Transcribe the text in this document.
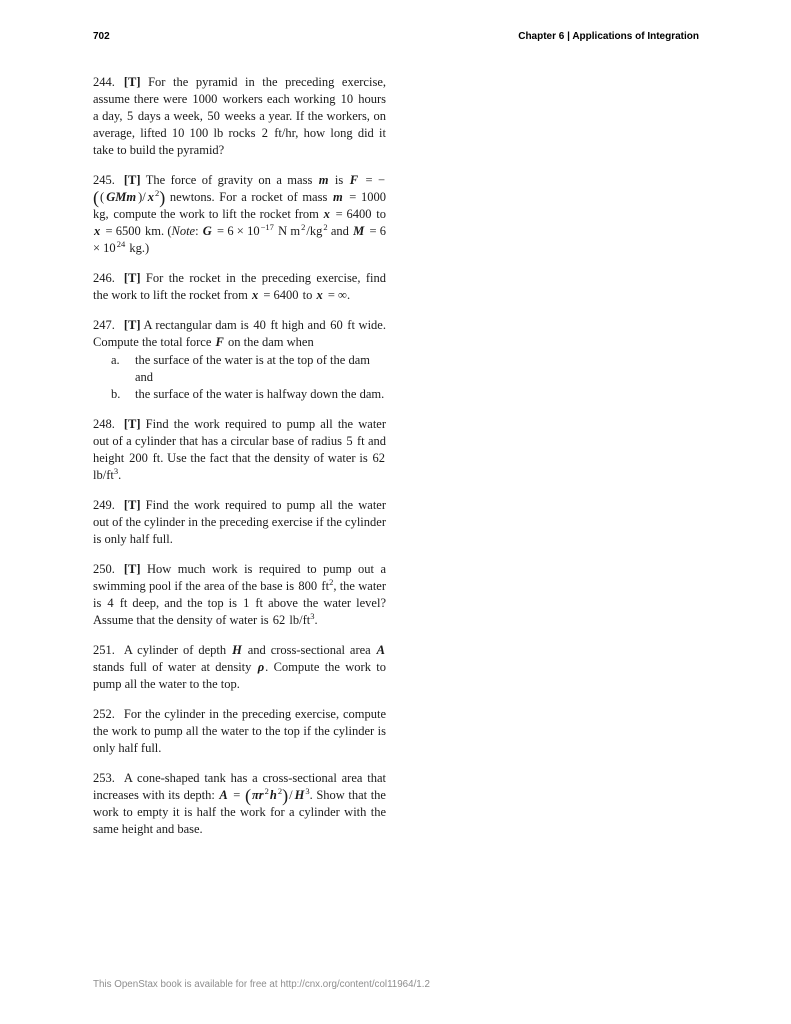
702	Chapter 6 | Applications of Integration

244. [T] For the pyramid in the preceding exercise, assume there were 1000 workers each working 10 hours a day, 5 days a week, 50 weeks a year. If the workers, on average, lifted 10 100 lb rocks 2 ft/hr, how long did it take to build the pyramid?

245. [T] The force of gravity on a mass m is F = −(( GMm )/ $x^2$) newtons. For a rocket of mass m = 1000 kg, compute the work to lift the rocket from x = 6400 to x = 6500 km. (Note: $G = 6 \times 10^{-17}$ N $m^2/kg^2$ and $M = 6 \times 10^{24}$ kg.)

246. [T] For the rocket in the preceding exercise, find the work to lift the rocket from x = 6400 to x = ∞.

247. [T] A rectangular dam is 40 ft high and 60 ft wide. Compute the total force F on the dam when

a.	the surface of the water is at the top of the dam and
b.	the surface of the water is halfway down the dam.

248. [T] Find the work required to pump all the water out of a cylinder that has a circular base of radius 5 ft and height 200 ft. Use the fact that the density of water is 62 $lb/ft^3$.

249. [T] Find the work required to pump all the water out of the cylinder in the preceding exercise if the cylinder is only half full.

250. [T] How much work is required to pump out a swimming pool if the area of the base is 800 $ft^2$, the water is 4 ft deep, and the top is 1 ft above the water level? Assume that the density of water is 62 $lb/ft^3$.

251. A cylinder of depth H and cross-sectional area A stands full of water at density ρ. Compute the work to pump all the water to the top.

252. For the cylinder in the preceding exercise, compute the work to pump all the water to the top if the cylinder is only half full.

253. A cone-shaped tank has a cross-sectional area that increases with its depth: $A = (\pi r^2h^2)/$ $H^3$. Show that the work to empty it is half the work for a cylinder with the same height and base.

This OpenStax book is available for free at http://cnx.org/content/col11964/1.2
